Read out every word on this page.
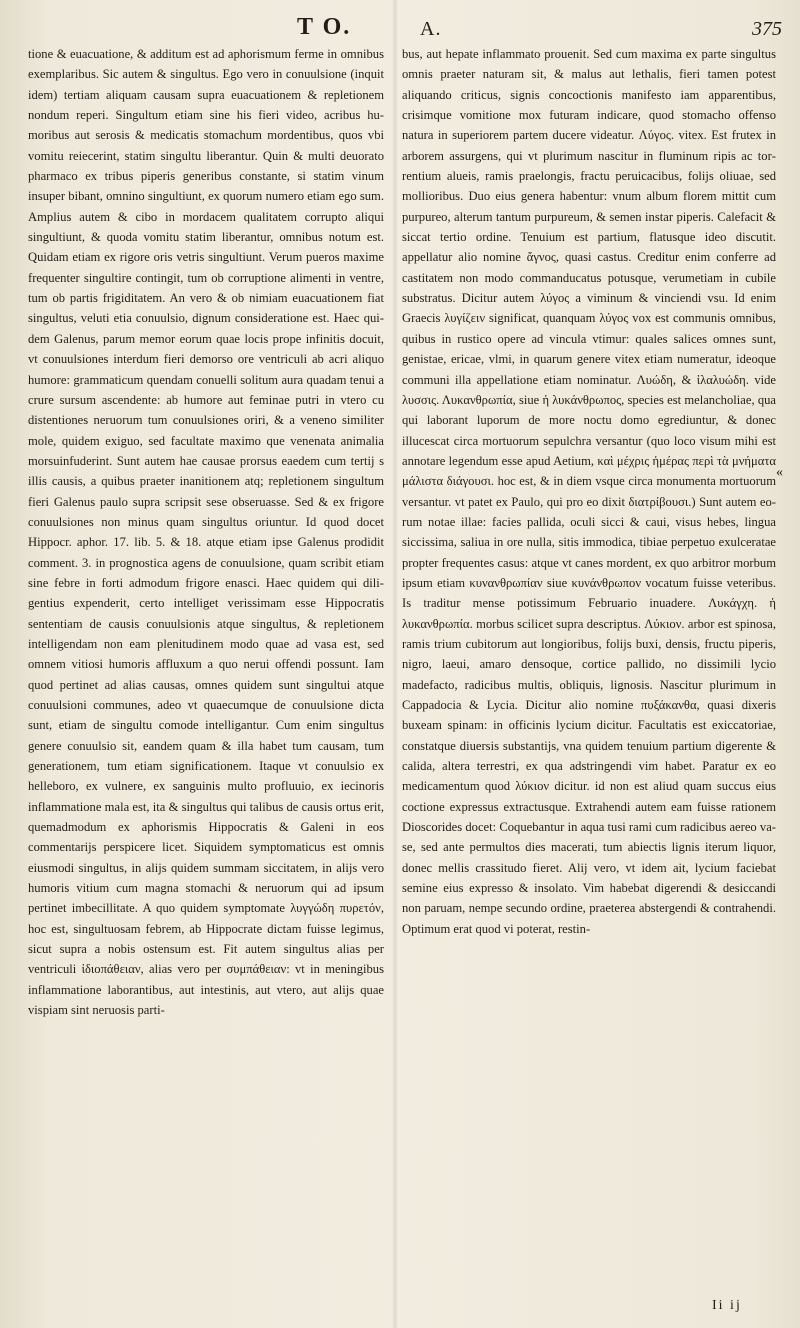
T O.	A.	375

tione & euacuatione, & additum est ad aphorismum ferme in omnibus exemplaribus. Sic autem & singultus. Ego vero in conuulsione (inquit idem) tertiam aliquam causam supra euacuationem & repletionem nondum reperi. Singultum etiam sine his fieri video, acribus humoribus aut serosis & medicatis stomachum mordentibus, quos vbi vomitu reiecerint, statim singultu liberantur. Quin & multi deuorato pharmaco ex tribus piperis generibus constante, si statim vinum insuper bibant, omnino singultiunt, ex quorum numero etiam ego sum. Amplius autem & cibo in mordacem qualitatem corrupto aliqui singultiunt, & quoda vomitu statim liberantur, omnibus notum est. Quidam etiam ex rigore oris vetris singultiunt. Verum pueros maxime frequenter singultire contingit, tum ob corruptione alimenti in ventre, tum ob partis frigiditatem. An vero & ob nimiam euacuationem fiat singultus, veluti etia conuulsio, dignum consideratione est. Haec quidem Galenus, parum memor eorum quae locis prope infinitis docuit, vt conuulsiones interdum fieri demorso ore ventriculi ab acri aliquo humore: grammaticum quendam conuelli solitum aura quadam tenui a crure sursum ascendente: ab humore aut feminae putri in vtero cu distentiones neruorum tum conuulsiones oriri, & a veneno similiter mole, quidem exiguo, sed facultate maximo que venenata animalia morsuinfuderint. Sunt autem hae causae prorsus eaedem cum tertij s illis causis, a quibus praeter inanitionem atq; repletionem singultum fieri Galenus paulo supra scripsit sese obseruasse. Sed & ex frigore conuulsiones non minus quam singultus oriuntur. Id quod docet Hippocr. aphor. 17. lib. 5. & 18. atque etiam ipse Galenus prodidit comment. 3. in prognostica agens de conuulsione, quam scribit etiam sine febre in forti admodum frigore enasci. Haec quidem qui diligentius expenderit, certo intelliget verissimam esse Hippocratis sententiam de causis conuulsionis atque singultus, & repletionem intelligendam non eam plenitudinem modo quae ad vasa est, sed omnem vitiosi humoris affluxum a quo nerui offendi possunt. Iam quod pertinet ad alias causas, omnes quidem sunt singultui atque conuulsioni communes, adeo vt quaecumque de conuulsione dicta sunt, etiam de singultu comode intelligantur. Cum enim singultus genere conuulsio sit, eandem quam & illa habet tum causam, tum generationem, tum etiam significationem. Itaque vt conuulsio ex helleboro, ex vulnere, ex sanguinis multo profluuio, ex iecinoris inflammatione mala est, ita & singultus qui talibus de causis ortus erit, quemadmodum ex aphorismis Hippocratis & Galeni in eos commentarijs perspicere licet. Siquidem symptomaticus est omnis eiusmodi singultus, in alijs quidem summam siccitatem, in alijs vero humoris vitium cum magna stomachi & neruorum qui ad ipsum pertinet imbecillitate. A quo quidem symptomate λυγγώδη πυρετόν, hoc est, singultuosam febrem, ab Hippocrate dictam fuisse legimus, sicut supra a nobis ostensum est. Fit autem singultus alias per ventriculi ἰδιοπάθειαν, alias vero per συμπάθειαν: vt in meningibus inflammatione laborantibus, aut intestinis, aut vtero, aut alijs quae vispiam sint neruosis parti-

bus, aut hepate inflammato prouenit. Sed cum maxima ex parte singultus omnis praeter naturam sit, & malus aut lethalis, fieri tamen potest aliquando criticus, signis concoctionis manifesto iam apparentibus, crisimque vomitione mox futuram indicare, quod stomacho offenso natura in superiorem partem ducere videatur. Λύγος. vitex. Est frutex in arborem assurgens, qui vt plurimum nascitur in fluminum ripis ac torrentium alueis, ramis praelongis, fractu peruicacibus, folijs oliuae, sed mollioribus. Duo eius genera habentur: vnum album florem mittit cum purpureo, alterum tantum purpureum, & semen instar piperis. Calefacit & siccat tertio ordine. Tenuium est partium, flatusque ideo discutit. appellatur alio nomine ἄγνος, quasi castus. Creditur enim conferre ad castitatem non modo commanducatus potusque, verumetiam in cubile substratus. Dicitur autem λύγος a viminum & vinciendi vsu. Id enim Graecis λυγίζειν significat, quanquam λύγος vox est communis omnibus, quibus in rustico opere ad vincula vtimur: quales salices omnes sunt, genistae, ericae, vlmi, in quarum genere vitex etiam numeratur, ideoque communi illa appellatione etiam nominatur. Λυώδη, & ἰλαλυώδη. vide λυσσις. Λυκανθρωπία, siue ἡ λυκάνθρωπος, species est melancholiae, qua qui laborant luporum de more noctu domo egrediuntur, & donec illucescat circa mortuorum sepulchra versantur (quo loco visum mihi est annotare legendum esse apud Aetium, καὶ μέχρις ἡμέρας περὶ τὰ μνήματα μάλιστα διάγουσι. hoc est, & in diem vsque circa monumenta mortuorum versantur. vt patet ex Paulo, qui pro eo dixit διατρίβουσι.) Sunt autem eorum notae illae: facies pallida, oculi sicci & caui, visus hebes, lingua siccissima, saliua in ore nulla, sitis immodica, tibiae perpetuo exulceratae propter frequentes casus: atque vt canes mordent, ex quo arbitror morbum ipsum etiam κυνανθρωπίαν siue κυνάνθρωπον vocatum fuisse veteribus. Is traditur mense potissimum Februario inuadere. Λυκάγχη. ἡ λυκανθρωπία. morbus scilicet supra descriptus. Λύκιον. arbor est spinosa, ramis trium cubitorum aut longioribus, folijs buxi, densis, fructu piperis, nigro, laeui, amaro densoque, cortice pallido, no dissimili lycio madefacto, radicibus multis, obliquis, lignosis. Nascitur plurimum in Cappadocia & Lycia. Dicitur alio nomine πυξάκανθα, quasi dixeris buxeam spinam: in officinis lycium dicitur. Facultatis est exiccatoriae, constatque diuersis substantijs, vna quidem tenuium partium digerente & calida, altera terrestri, ex qua adstringendi vim habet. Paratur ex eo medicamentum quod λύκιον dicitur. id non est aliud quam succus eius coctione expressus extractusque. Extrahendi autem eam fuisse rationem Dioscorides docet: Coquebantur in aqua tusi rami cum radicibus aereo vase, sed ante permultos dies macerati, tum abiectis lignis iterum liquor, donec mellis crassitudo fieret. Alij vero, vt idem ait, lycium faciebat semine eius expresso & insolato. Vim habebat digerendi & desiccandi non paruam, nempe secundo ordine, praeterea abstergendi & contrahendi. Optimum erat quod vi poterat, restin-

«
Ii ij
